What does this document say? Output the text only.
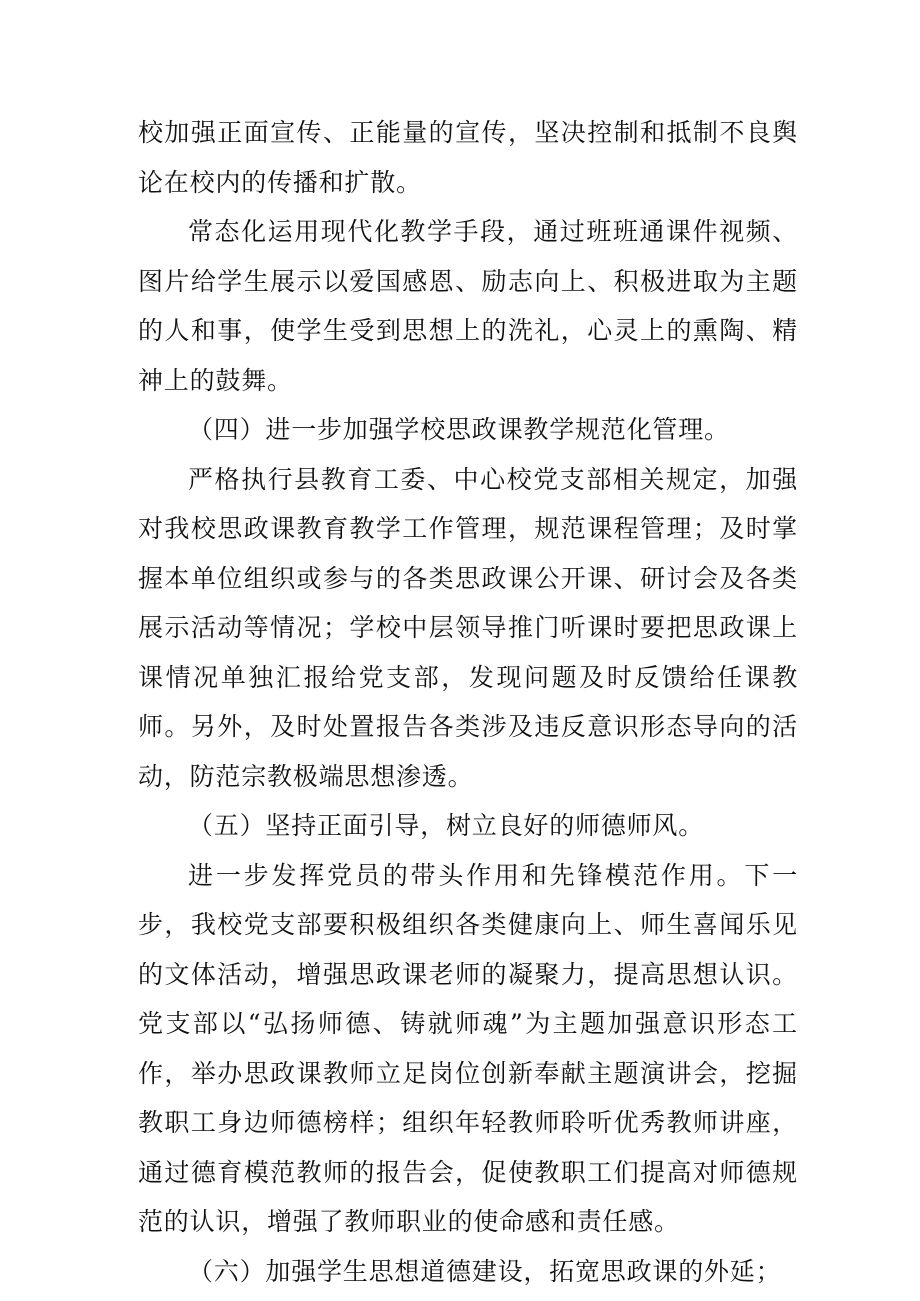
校加强正面宣传、正能量的宣传，坚决控制和抵制不良舆论在校内的传播和扩散。

常态化运用现代化教学手段，通过班班通课件视频、图片给学生展示以爱国感恩、励志向上、积极进取为主题的人和事，使学生受到思想上的洗礼，心灵上的熏陶、精神上的鼓舞。

（四）进一步加强学校思政课教学规范化管理。

严格执行县教育工委、中心校党支部相关规定，加强对我校思政课教育教学工作管理，规范课程管理；及时掌握本单位组织或参与的各类思政课公开课、研讨会及各类展示活动等情况；学校中层领导推门听课时要把思政课上课情况单独汇报给党支部，发现问题及时反馈给任课教师。另外，及时处置报告各类涉及违反意识形态导向的活动，防范宗教极端思想渗透。

（五）坚持正面引导，树立良好的师德师风。

进一步发挥党员的带头作用和先锋模范作用。下一步，我校党支部要积极组织各类健康向上、师生喜闻乐见的文体活动，增强思政课老师的凝聚力，提高思想认识。党支部以“弘扬师德、铸就师魂”为主题加强意识形态工作，举办思政课教师立足岗位创新奉献主题演讲会，挖掘教职工身边师德榜样；组织年轻教师聆听优秀教师讲座，通过德育模范教师的报告会，促使教职工们提高对师德规范的认识，增强了教师职业的使命感和责任感。

（六）加强学生思想道德建设，拓宽思政课的外延；
